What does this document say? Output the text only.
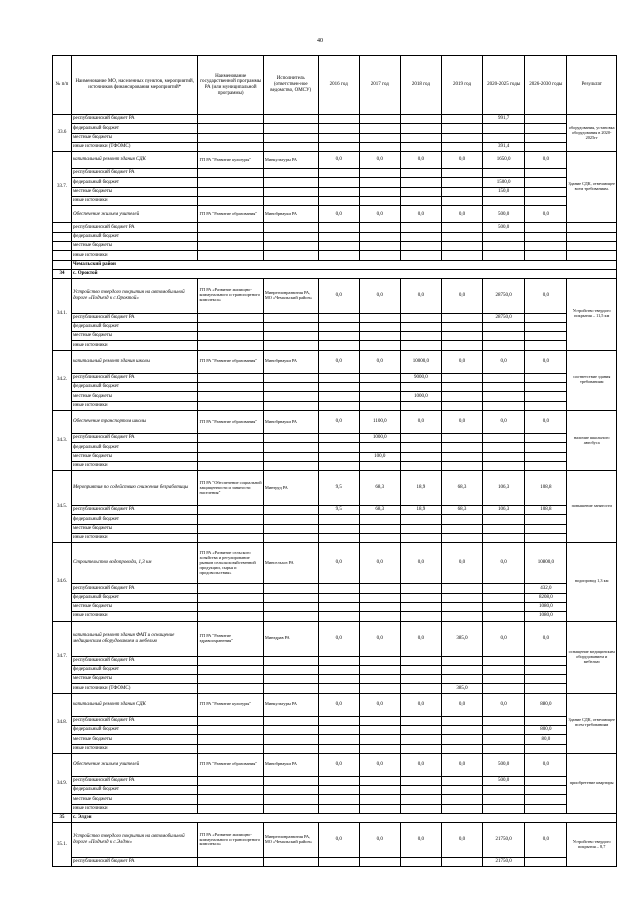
40
№ п/п	Наименование МО, населенных пунктов, мероприятий, источников финансирования мероприятий*	Наименование государственной программы РА (или муниципальной программы)	Исполнитель (ответствен-ное ведомство, ОМСУ)	2016 год	2017 год	2018 год	2019 год	2020-2025 годы	2026-2030 годы	Результат
33.6	республиканский бюджет РА							991,7		оборудования, установка оборудования в 2020-2025гг
	федеральный бюджет									
	местные бюджеты									
	иные источники (ТФОМС)							391,4		
33.7.	капитальный ремонт здания СДК	ГП РА "Развитие культуры"	Минкультуры РА	0,0	0,0	0,0	0,0	1650,0	0,0	Здание СДК, отвечающее всем требованиям.
	республиканский бюджет РА									
	федеральный бюджет							1500,0		
	местные бюджеты							150,0		
	иные источники									
	Обеспечение жильем учителей	ГП РА "Развитие образования"	Минобрнауки РА	0,0	0,0	0,0	0,0	500,0	0,0	
	республиканский бюджет РА							500,0		
	федеральный бюджет									
	местные бюджеты									
	иные источники									
	Чемальский район									
34	с. Ороктой									
34.1.	Устройство твердого покрытия на автомобильной дороге «Подъезд к с.Ороктой»	ГП РА «Развитие жилищно-коммунального и транспортного комплекса»	Минрегионразвития РА, МО «Чемальский район»	0,0	0,0	0,0	0,0	28750,0	0,0	Устройство твердого покрытия – 11,5 км
	республиканский бюджет РА							28750,0		
	федеральный бюджет									
	местные бюджеты									
	иные источники									
34.2.	капитальный ремонт здания школы	ГП РА "Развитие образования"	Минобрнауки РА	0,0	0,0	10000,0	0,0	0,0	0,0	соответствие здания требованиям
	республиканский бюджет РА					9000,0				
	федеральный бюджет									
	местные бюджеты					1000,0				
	иные источники									
34.3.	Обеспечение транспортом школы	ГП РА "Развитие образования"	Минобрнауки РА	0,0	1100,0	0,0	0,0	0,0	0,0	наличие школьного автобуса
	республиканский бюджет РА				1000,0					
	федеральный бюджет									
	местные бюджеты				100,0					
	иные источники									
34.5.	Мероприятия по содействию снижения безработицы	ГП РА "Обеспечение социальной защищенности и занятости населения"	Минтруд РА	9,5	68,3	18,9	68,3	106,3	108,8	повышение занятости
	республиканский бюджет РА			9,5	68,3	18,9	68,3	106,3	108,8	
	федеральный бюджет									
	местные бюджеты									
	иные источники									
34.6.	Строительство водопровода, 1,3 км	ГП РА «Развитие сельского хозяйства и регулирование рынков сельскохозяйственной продукции, сырья и продовольствия»	Минсельхоз РА	0,0	0,0	0,0	0,0	0,0	10800,0	водопровод 1,3 км
	республиканский бюджет РА								432,0	
	федеральный бюджет								8208,0	
	местные бюджеты								1080,0	
	иные источники								1080,0	
34.7.	капитальный ремонт здания ФАП и оснащение медицинским оборудованием и мебелью	ГП РА "Развитие здравоохранения"	Минздрав РА	0,0	0,0	0,0	385,0	0,0	0,0	оснащение медицинским оборудованием и мебелью
	республиканский бюджет РА									
	федеральный бюджет									
	местные бюджеты									
	иные источники (ТФОМС)						385,0			
34.8.	капитальный ремонт здания СДК	ГП РА "Развитие культуры"	Минкультуры РА	0,0	0,0	0,0	0,0	0,0	880,0	Здание СДК, отвечающее всем требованиям
	республиканский бюджет РА									
	федеральный бюджет								800,0	
	местные бюджеты								80,0	
	иные источники									
34.9.	Обеспечение жильем учителей	ГП РА "Развитие образования"	Минобрнауки РА	0,0	0,0	0,0	0,0	500,0	0,0	приобретение квартиры
	республиканский бюджет РА							500,0		
	федеральный бюджет									
	местные бюджеты									
	иные источники									
35	с. Элдэн									
35.1.	Устройство твердого покрытия на автомобильной дороге «Подъезд к с.Элдэн»	ГП РА «Развитие жилищно-коммунального и транспортного комплекса»	Минрегионразвития РА, МО «Чемальский район»	0,0	0,0	0,0	0,0	21750,0	0,0	Устройство твердого покрытия – 8,7
	республиканский бюджет РА							21750,0		
